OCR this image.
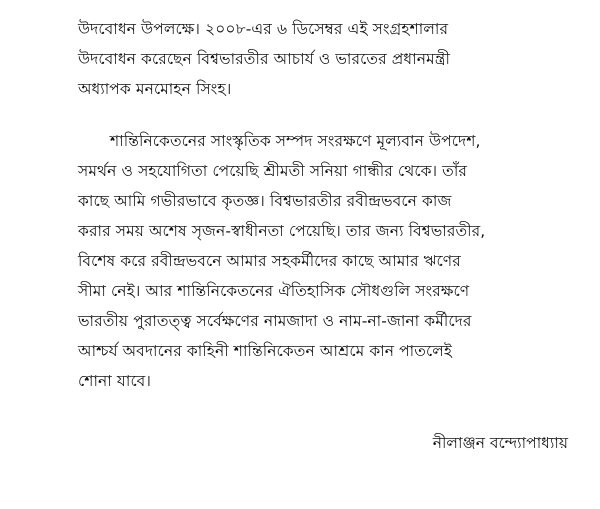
উদবোধন উপলক্ষে। ২০০৮-এর ৬ ডিসেম্বর এই সংগ্রহশালার
উদবোধন করেছেন বিশ্বভারতীর আচার্য ও ভারতের প্রধানমন্ত্রী
অধ্যাপক মনমোহন সিংহ।
শান্তিনিকেতনের সাংস্কৃতিক সম্পদ সংরক্ষণে মূল্যবান উপদেশ,
সমর্থন ও সহযোগিতা পেয়েছি শ্রীমতী সনিয়া গান্ধীর থেকে। তাঁর
কাছে আমি গভীরভাবে কৃতজ্ঞ। বিশ্বভারতীর রবীন্দ্রভবনে কাজ
করার সময় অশেষ সৃজন-স্বাধীনতা পেয়েছি। তার জন্য বিশ্বভারতীর,
বিশেষ করে রবীন্দ্রভবনে আমার সহকর্মীদের কাছে আমার ঋণের
সীমা নেই। আর শান্তিনিকেতনের ঐতিহাসিক সৌধগুলি সংরক্ষণে
ভারতীয় পুরাতত্ত্ব সর্বেক্ষণের নামজাদা ও নাম-না-জানা কর্মীদের
আশ্চর্য অবদানের কাহিনী শান্তিনিকেতন আশ্রমে কান পাতলেই
শোনা যাবে।
নীলাঞ্জন বন্দ্যোপাধ্যায়
